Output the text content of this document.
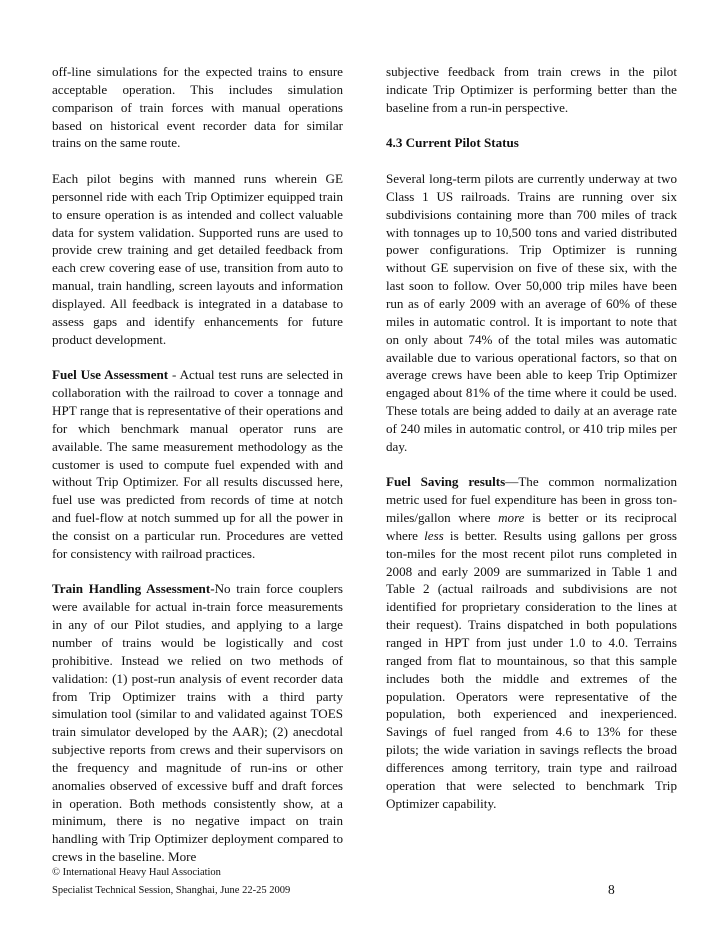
off-line simulations for the expected trains to ensure acceptable operation. This includes simulation comparison of train forces with manual operations based on historical event recorder data for similar trains on the same route.

Each pilot begins with manned runs wherein GE personnel ride with each Trip Optimizer equipped train to ensure operation is as intended and collect valuable data for system validation. Supported runs are used to provide crew training and get detailed feedback from each crew covering ease of use, transition from auto to manual, train handling, screen layouts and information displayed. All feedback is integrated in a database to assess gaps and identify enhancements for future product development.

Fuel Use Assessment - Actual test runs are selected in collaboration with the railroad to cover a tonnage and HPT range that is representative of their operations and for which benchmark manual operator runs are available. The same measurement methodology as the customer is used to compute fuel expended with and without Trip Optimizer. For all results discussed here, fuel use was predicted from records of time at notch and fuel-flow at notch summed up for all the power in the consist on a particular run. Procedures are vetted for consistency with railroad practices.

Train Handling Assessment-No train force couplers were available for actual in-train force measurements in any of our Pilot studies, and applying to a large number of trains would be logistically and cost prohibitive. Instead we relied on two methods of validation: (1) post-run analysis of event recorder data from Trip Optimizer trains with a third party simulation tool (similar to and validated against TOES train simulator developed by the AAR); (2) anecdotal subjective reports from crews and their supervisors on the frequency and magnitude of run-ins or other anomalies observed of excessive buff and draft forces in operation. Both methods consistently show, at a minimum, there is no negative impact on train handling with Trip Optimizer deployment compared to crews in the baseline. More

subjective feedback from train crews in the pilot indicate Trip Optimizer is performing better than the baseline from a run-in perspective.

4.3 Current Pilot Status

Several long-term pilots are currently underway at two Class 1 US railroads. Trains are running over six subdivisions containing more than 700 miles of track with tonnages up to 10,500 tons and varied distributed power configurations. Trip Optimizer is running without GE supervision on five of these six, with the last soon to follow. Over 50,000 trip miles have been run as of early 2009 with an average of 60% of these miles in automatic control. It is important to note that on only about 74% of the total miles was automatic available due to various operational factors, so that on average crews have been able to keep Trip Optimizer engaged about 81% of the time where it could be used. These totals are being added to daily at an average rate of 240 miles in automatic control, or 410 trip miles per day.

Fuel Saving results—The common normalization metric used for fuel expenditure has been in gross ton-miles/gallon where more is better or its reciprocal where less is better. Results using gallons per gross ton-miles for the most recent pilot runs completed in 2008 and early 2009 are summarized in Table 1 and Table 2 (actual railroads and subdivisions are not identified for proprietary consideration to the lines at their request). Trains dispatched in both populations ranged in HPT from just under 1.0 to 4.0. Terrains ranged from flat to mountainous, so that this sample includes both the middle and extremes of the population. Operators were representative of the population, both experienced and inexperienced. Savings of fuel ranged from 4.6 to 13% for these pilots; the wide variation in savings reflects the broad differences among territory, train type and railroad operation that were selected to benchmark Trip Optimizer capability.

© International Heavy Haul Association
Specialist Technical Session, Shanghai, June 22-25 2009	8
